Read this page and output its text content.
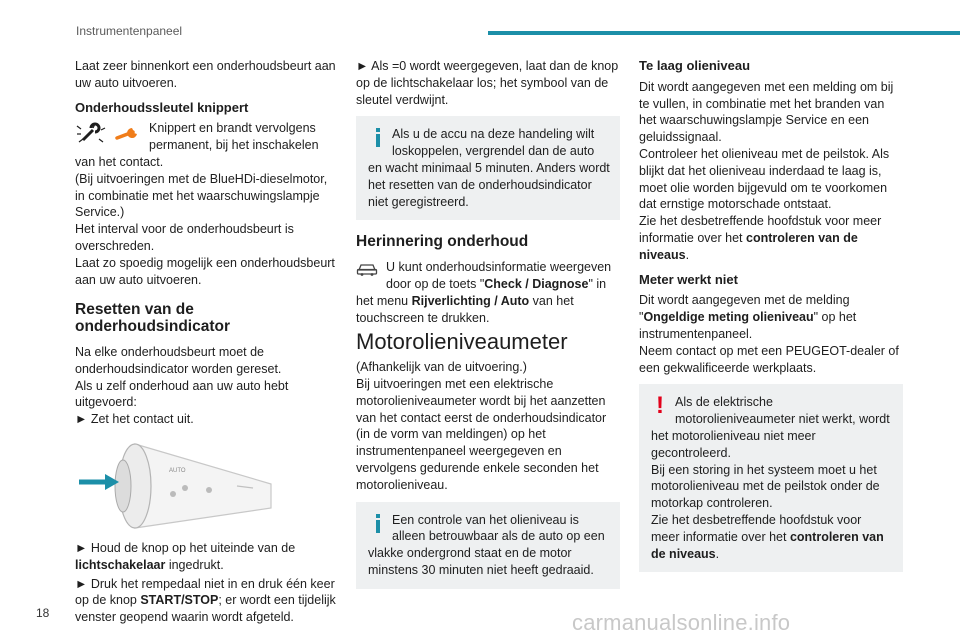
Instrumentenpaneel

Laat zeer binnenkort een onderhoudsbeurt aan uw auto uitvoeren.

Onderhoudssleutel knippert

Knippert en brandt vervolgens permanent, bij het inschakelen van het contact.

(Bij uitvoeringen met de BlueHDi-dieselmotor,
in combinatie met het waarschuwingslampje Service.)
Het interval voor de onderhoudsbeurt is overschreden.
Laat zo spoedig mogelijk een onderhoudsbeurt aan uw auto uitvoeren.

Resetten van de onderhoudsindicator

Na elke onderhoudsbeurt moet de onderhoudsindicator worden gereset.
Als u zelf onderhoud aan uw auto hebt uitgevoerd:
► Zet het contact uit.

AUTO

► Houd de knop op het uiteinde van de lichtschakelaar ingedrukt.

► Druk het rempedaal niet in en druk één keer op de knop START/STOP; er wordt een tijdelijk venster geopend waarin wordt afgeteld.

► Als =0 wordt weergegeven, laat dan de knop op de lichtschakelaar los; het symbool van de sleutel verdwijnt.

Als u de accu na deze handeling wilt loskoppelen, vergrendel dan de auto en wacht minimaal 5 minuten. Anders wordt het resetten van de onderhoudsindicator niet geregistreerd.
Herinnering onderhoud

U kunt onderhoudsinformatie weergeven door op de toets "Check / Diagnose" in het menu Rijverlichting / Auto van het touchscreen te drukken.

Motorolieniveaumeter

(Afhankelijk van de uitvoering.)
Bij uitvoeringen met een elektrische motorolieniveaumeter wordt bij het aanzetten van het contact eerst de onderhoudsindicator (in de vorm van meldingen) op het instrumentenpaneel weergegeven en vervolgens gedurende enkele seconden het motorolieniveau.

Een controle van het olieniveau is alleen betrouwbaar als de auto op een vlakke ondergrond staat en de motor minstens 30 minuten niet heeft gedraaid.
Te laag olieniveau

Dit wordt aangegeven met een melding om bij te vullen, in combinatie met het branden van het waarschuwingslampje Service en een geluidssignaal.
Controleer het olieniveau met de peilstok. Als blijkt dat het olieniveau inderdaad te laag is, moet olie worden bijgevuld om te voorkomen dat ernstige motorschade ontstaat.
Zie het desbetreffende hoofdstuk voor meer informatie over het controleren van de niveaus.

Meter werkt niet

Dit wordt aangegeven met de melding "Ongeldige meting olieniveau" op het instrumentenpaneel.
Neem contact op met een PEUGEOT-dealer of een gekwalificeerde werkplaats.

! Als de elektrische motorolieniveaumeter niet werkt, wordt het motorolieniveau niet meer gecontroleerd.
Bij een storing in het systeem moet u het motorolieniveau met de peilstok onder de motorkap controleren.
Zie het desbetreffende hoofdstuk voor meer informatie over het controleren van de niveaus.
18	carmanualsonline.info
